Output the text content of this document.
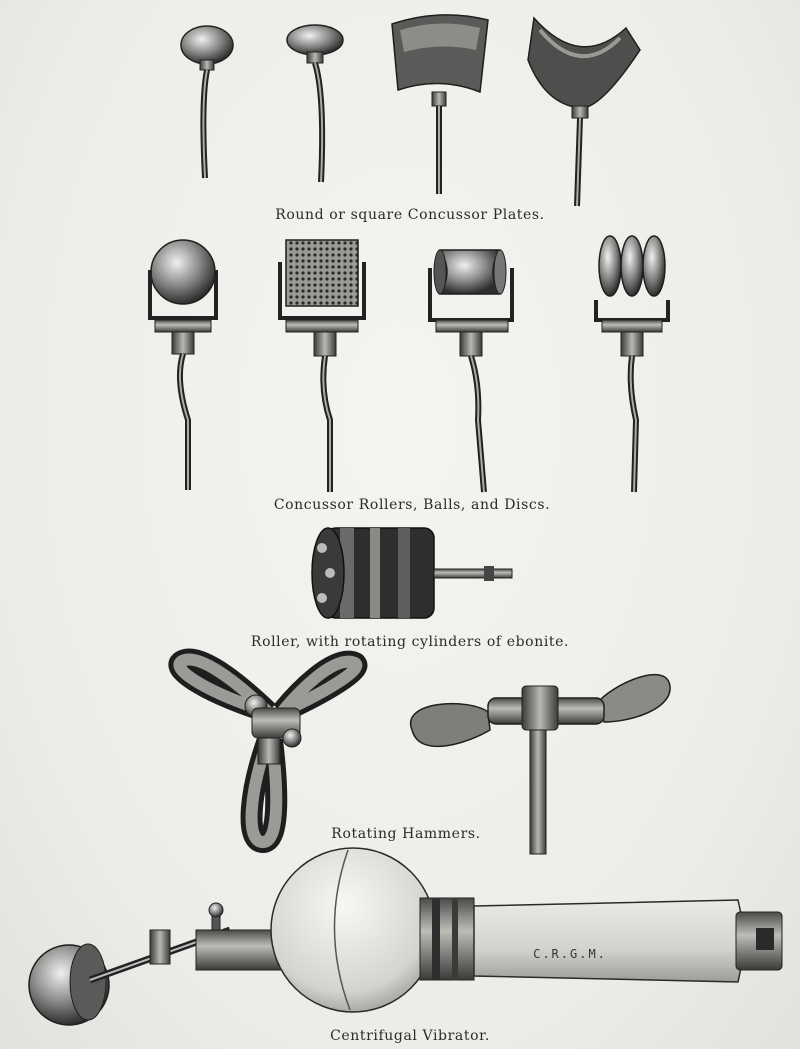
Round or square Concussor Plates.
Concussor Rollers, Balls, and Discs.
Roller, with rotating cylinders of ebonite.
Rotating Hammers.
Centrifugal Vibrator.
C.R.G.M.
